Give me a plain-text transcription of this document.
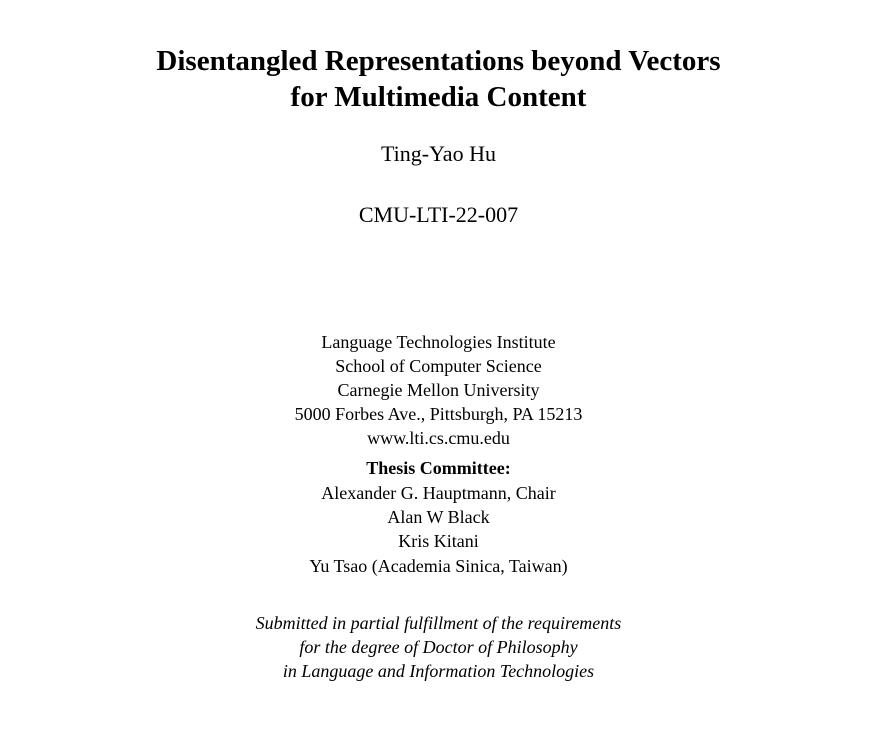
Disentangled Representations beyond Vectors
for Multimedia Content
Ting-Yao Hu
CMU-LTI-22-007
Language Technologies Institute
School of Computer Science
Carnegie Mellon University
5000 Forbes Ave., Pittsburgh, PA 15213
www.lti.cs.cmu.edu
Thesis Committee:
Alexander G. Hauptmann, Chair
Alan W Black
Kris Kitani
Yu Tsao (Academia Sinica, Taiwan)
Submitted in partial fulfillment of the requirements
for the degree of Doctor of Philosophy
in Language and Information Technologies
